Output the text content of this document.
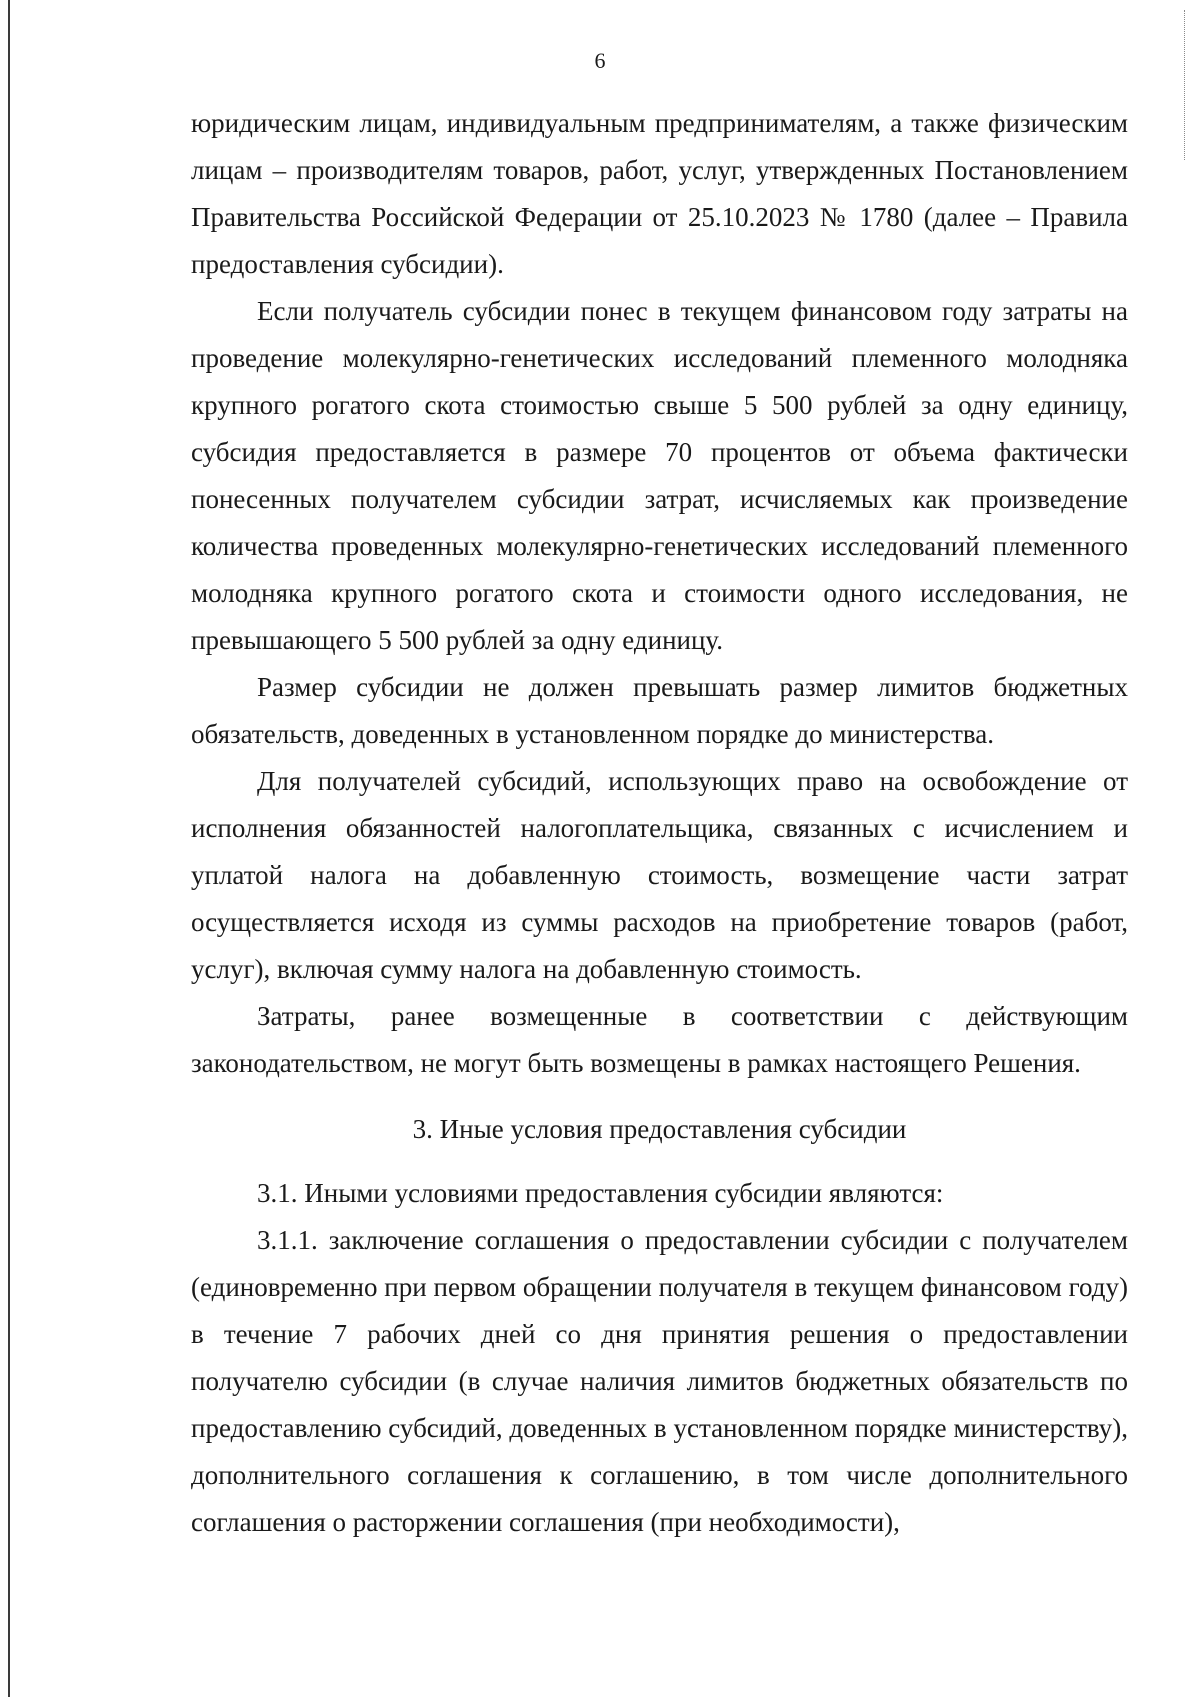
6

юридическим лицам, индивидуальным предпринимателям, а также физическим лицам – производителям товаров, работ, услуг, утвержденных Постановлением Правительства Российской Федерации от 25.10.2023 № 1780 (далее – Правила предоставления субсидии).

Если получатель субсидии понес в текущем финансовом году затраты на проведение молекулярно-генетических исследований племенного молодняка крупного рогатого скота стоимостью свыше 5 500 рублей за одну единицу, субсидия предоставляется в размере 70 процентов от объема фактически понесенных получателем субсидии затрат, исчисляемых как произведение количества проведенных молекулярно-генетических исследований племенного молодняка крупного рогатого скота и стоимости одного исследования, не превышающего 5 500 рублей за одну единицу.

Размер субсидии не должен превышать размер лимитов бюджетных обязательств, доведенных в установленном порядке до министерства.

Для получателей субсидий, использующих право на освобождение от исполнения обязанностей налогоплательщика, связанных с исчислением и уплатой налога на добавленную стоимость, возмещение части затрат осуществляется исходя из суммы расходов на приобретение товаров (работ, услуг), включая сумму налога на добавленную стоимость.

Затраты, ранее возмещенные в соответствии с действующим законодательством, не могут быть возмещены в рамках настоящего Решения.

3. Иные условия предоставления субсидии

3.1. Иными условиями предоставления субсидии являются:

3.1.1. заключение соглашения о предоставлении субсидии с получателем (единовременно при первом обращении получателя в текущем финансовом году) в течение 7 рабочих дней со дня принятия решения о предоставлении получателю субсидии (в случае наличия лимитов бюджетных обязательств по предоставлению субсидий, доведенных в установленном порядке министерству), дополнительного соглашения к соглашению, в том числе дополнительного соглашения о расторжении соглашения (при необходимости),
